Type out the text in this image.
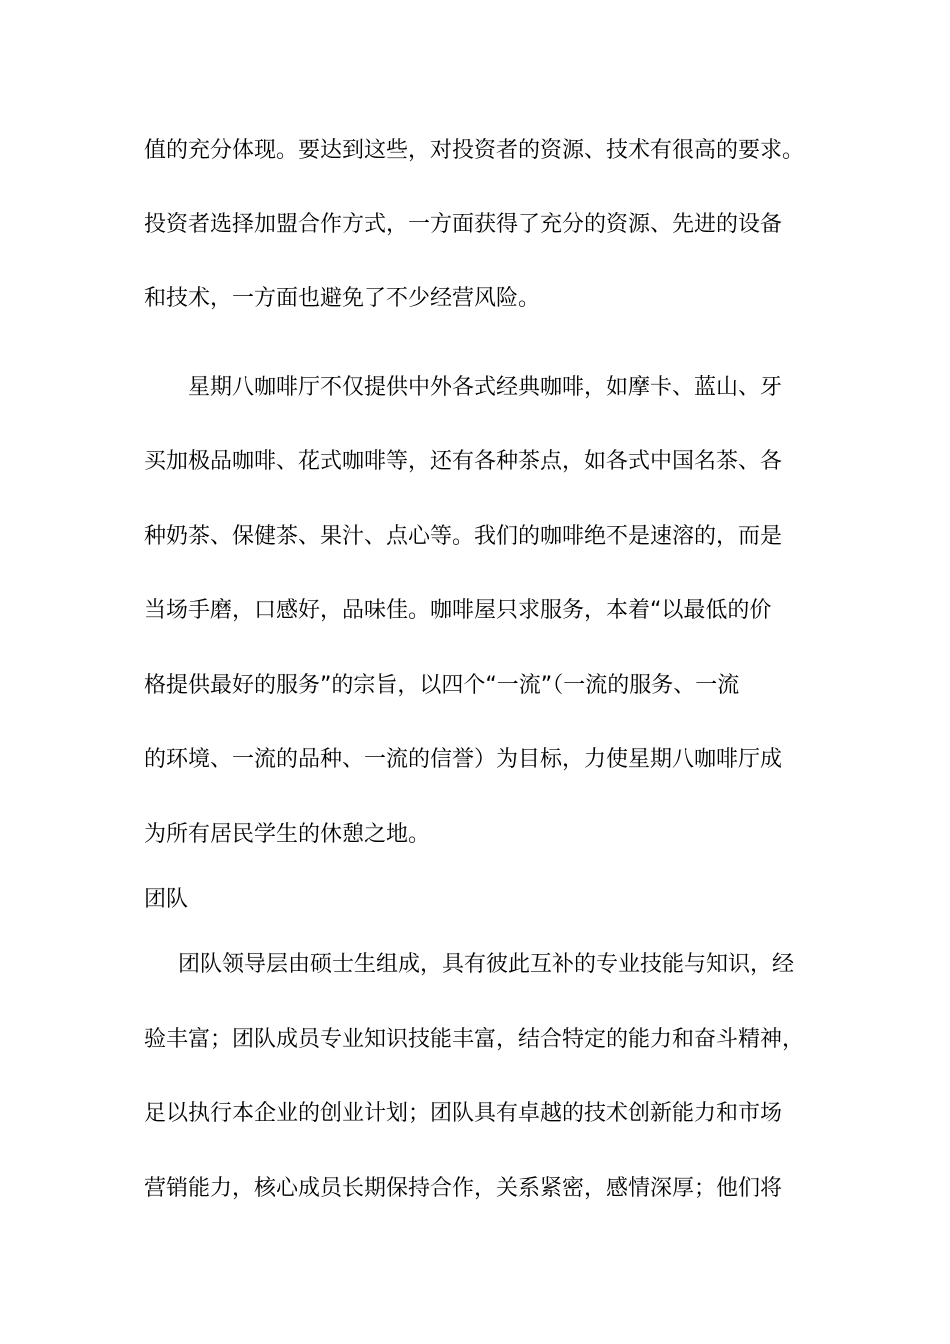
值的充分体现。要达到这些，对投资者的资源、技术有很高的要求。
投资者选择加盟合作方式，一方面获得了充分的资源、先进的设备
和技术，一方面也避免了不少经营风险。
星期八咖啡厅不仅提供中外各式经典咖啡，如摩卡、蓝山、牙
买加极品咖啡、花式咖啡等，还有各种茶点，如各式中国名茶、各
种奶茶、保健茶、果汁、点心等。我们的咖啡绝不是速溶的，而是
当场手磨，口感好，品味佳。咖啡屋只求服务，本着“以最低的价
格提供最好的服务”的宗旨，以四个“一流”（一流的服务、一流
的环境、一流的品种、一流的信誉）为目标，力使星期八咖啡厅成
为所有居民学生的休憩之地。
团队
团队领导层由硕士生组成，具有彼此互补的专业技能与知识，经
验丰富；团队成员专业知识技能丰富，结合特定的能力和奋斗精神，
足以执行本企业的创业计划；团队具有卓越的技术创新能力和市场
营销能力，核心成员长期保持合作，关系紧密，感情深厚；他们将
